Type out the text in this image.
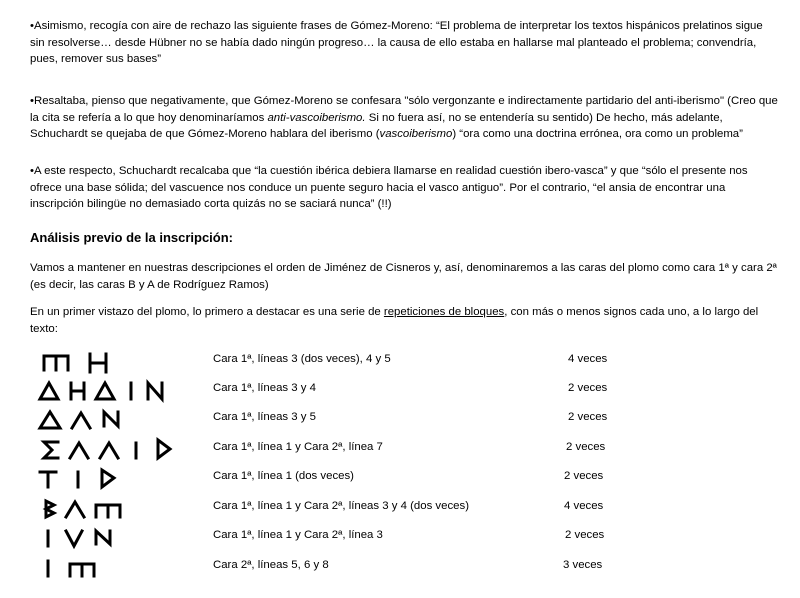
•Asimismo, recogía con aire de rechazo las siguiente frases de Gómez-Moreno: “El problema de interpretar los textos hispánicos prelatinos sigue sin resolverse… desde Hübner no se había dado ningún progreso… la causa de ello estaba en hallarse mal planteado el problema; convendría, pues, remover sus bases”

•Resaltaba, pienso que negativamente, que Gómez-Moreno se confesara "sólo vergonzante e indirectamente partidario del anti-iberismo" (Creo que la cita se refería a lo que hoy denominaríamos anti-vascoiberismo. Si no fuera así, no se entendería su sentido) De hecho, más adelante, Schuchardt se quejaba de que Gómez-Moreno hablara del iberismo (vascoiberismo) “ora como una doctrina errónea, ora como un problema”

•A este respecto, Schuchardt recalcaba que “la cuestión ibérica debiera llamarse en realidad cuestión ibero-vasca” y que “sólo el presente nos ofrece una base sólida; del vascuence nos conduce un puente seguro hacia el vasco antiguo”. Por el contrario, “el ansia de encontrar una inscripción bilingüe no demasiado corta quizás no se saciará nunca” (!!)

Análisis previo de la inscripción:

Vamos a mantener en nuestras descripciones el orden de Jiménez de Cisneros y, así, denominaremos a las caras del plomo como cara 1ª y cara 2ª (es decir, las caras B y A de Rodríguez Ramos)

En un primer vistazo del plomo, lo primero a destacar es una serie de repeticiones de bloques, con más o menos signos cada uno, a lo largo del texto:

Cara 1ª, líneas 3 (dos veces), 4 y 5	4 veces
Cara 1ª, líneas 3 y 4	2 veces
Cara 1ª, líneas 3 y 5	2 veces
Cara 1ª, línea 1 y Cara 2ª, línea 7	2 veces
Cara 1ª, línea 1 (dos veces)	2 veces
Cara 1ª, línea 1 y Cara 2ª, líneas 3 y 4 (dos veces)	4 veces
Cara 1ª, línea 1 y Cara 2ª, línea 3	2 veces
Cara 2ª, líneas 5, 6 y 8	3 veces
